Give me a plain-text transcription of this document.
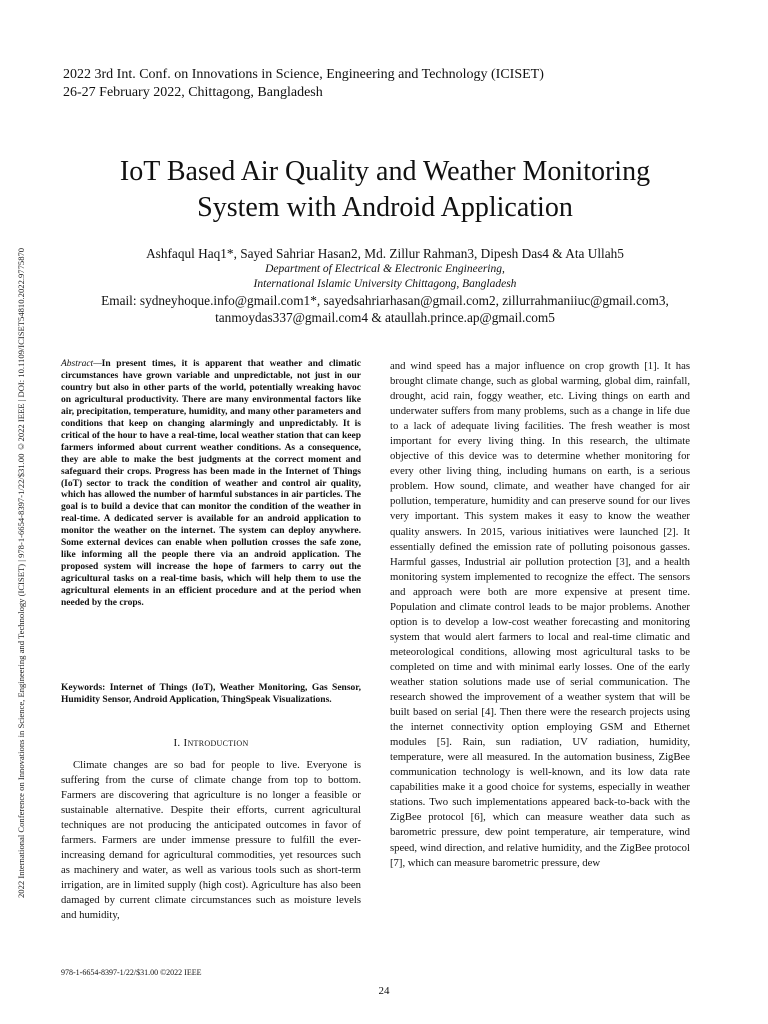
2022 3rd Int. Conf. on Innovations in Science, Engineering and Technology (ICISET)
26-27 February 2022, Chittagong, Bangladesh
2022 International Conference on Innovations in Science, Engineering and Technology (ICISET) | 978-1-6654-8397-1/22/$31.00 ©2022 IEEE | DOI: 10.1109/ICISET54810.2022.9775870
IoT Based Air Quality and Weather Monitoring
System with Android Application
Ashfaqul Haq1*, Sayed Sahriar Hasan2, Md. Zillur Rahman3, Dipesh Das4 & Ata Ullah5
Department of Electrical & Electronic Engineering,
International Islamic University Chittagong, Bangladesh
Email: sydneyhoque.info@gmail.com1*, sayedsahriarhasan@gmail.com2, zillurrahmaniiuc@gmail.com3,
tanmoydas337@gmail.com4 & ataullah.prince.ap@gmail.com5

Abstract—In present times, it is apparent that weather and climatic circumstances have grown variable and unpredictable, not just in our country but also in other parts of the world, potentially wreaking havoc on agricultural productivity. There are many environmental factors like air, precipitation, temperature, humidity, and many other parameters and conditions that keep on changing alarmingly and unpredictably. It is critical of the hour to have a real-time, local weather station that can keep farmers informed about current weather conditions. As a consequence, they are able to make the best judgments at the correct moment and safeguard their crops. Progress has been made in the Internet of Things (IoT) sector to track the condition of weather and control air quality, which has allowed the number of harmful substances in air particles. The goal is to build a device that can monitor the condition of the weather in real-time. A dedicated server is available for an android application to monitor the weather on the internet. The system can deploy anywhere. Some external devices can enable when pollution crosses the safe zone, like informing all the people there via an android application. The proposed system will increase the hope of farmers to carry out the agricultural tasks on a real-time basis, which will help them to use the agricultural elements in an efficient procedure and at the period when needed by the crops.

Keywords: Internet of Things (IoT), Weather Monitoring, Gas Sensor, Humidity Sensor, Android Application, ThingSpeak Visualizations.

I. Introduction

Climate changes are so bad for people to live. Everyone is suffering from the curse of climate change from top to bottom. Farmers are discovering that agriculture is no longer a feasible or sustainable alternative. Despite their efforts, current agricultural techniques are not producing the anticipated outcomes in favor of farmers. Farmers are under immense pressure to fulfill the ever-increasing demand for agricultural commodities, yet resources such as machinery and water, as well as various tools such as short-term irrigation, are in limited supply (high cost). Agriculture has also been damaged by current climate circumstances such as moisture levels and humidity,

and wind speed has a major influence on crop growth [1]. It has brought climate change, such as global warming, global dim, rainfall, drought, acid rain, foggy weather, etc. Living things on earth and underwater suffers from many problems, such as a change in life due to a lack of adequate living facilities. The fresh weather is most important for every living thing. In this research, the ultimate objective of this device was to determine whether monitoring for every other living thing, including humans on earth, is a serious problem. How sound, climate, and weather have changed for air pollution, temperature, humidity and can preserve sound for our lives very important. This system makes it easy to know the weather quality answers. In 2015, various initiatives were launched [2]. It essentially defined the emission rate of polluting poisonous gasses. Harmful gasses, Industrial air pollution protection [3], and a health monitoring system implemented to recognize the effect. The sensors and approach were both are more expensive at present time. Population and climate control leads to be major problems. Another option is to develop a low-cost weather forecasting and monitoring system that would alert farmers to local and real-time climatic and meteorological conditions, allowing most agricultural tasks to be completed on time and with minimal early losses. One of the early weather station solutions made use of serial communication. The research showed the improvement of a weather system that will be built based on serial [4]. Then there were the research projects using the internet connectivity option employing GSM and Ethernet modules [5]. Rain, sun radiation, UV radiation, humidity, temperature, were all measured. In the automation business, ZigBee communication technology is well-known, and its low data rate capabilities make it a good choice for systems, especially in weather stations. Two such implementations appeared back-to-back with the ZigBee protocol [6], which can measure weather data such as barometric pressure, dew point temperature, air temperature, wind speed, wind direction, and relative humidity, and the ZigBee protocol [7], which can measure barometric pressure, dew

978-1-6654-8397-1/22/$31.00 ©2022 IEEE
24
